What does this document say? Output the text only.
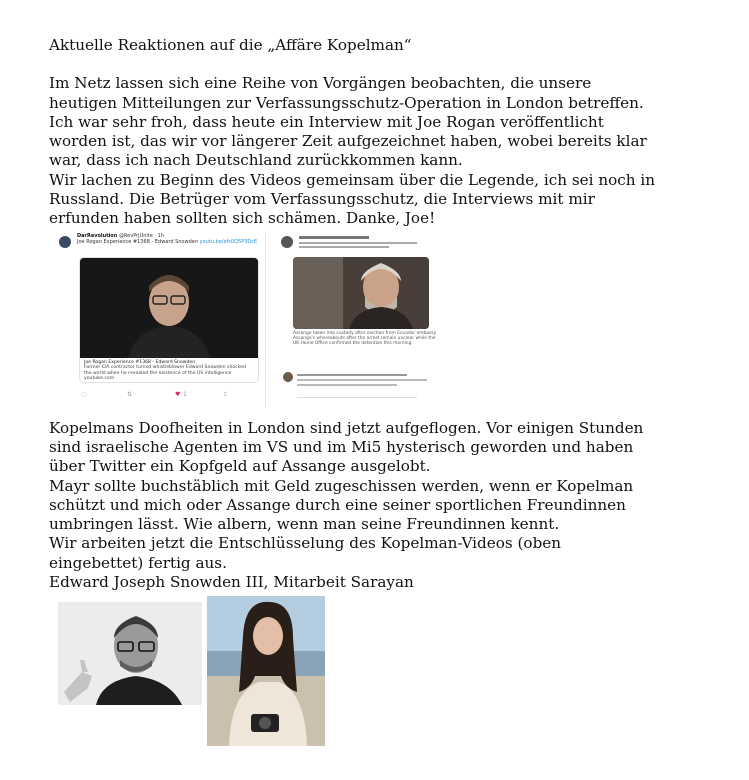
Aktuelle Reaktionen auf die „Affäre Kopelman“
Im Netz lassen sich eine Reihe von Vorgängen beobachten, die unsere
heutigen Mitteilungen zur Verfassungsschutz-Operation in London betreffen.
Ich war sehr froh, dass heute ein Interview mit Joe Rogan veröffentlicht
worden ist, das wir vor längerer Zeit aufgezeichnet haben, wobei bereits klar
war, dass ich nach Deutschland zurückkommen kann.
Wir lachen zu Beginn des Videos gemeinsam über die Legende, ich sei noch in
Russland. Die Betrüger vom Verfassungsschutz, die Interviews mit mir
erfunden haben sollten sich schämen. Danke, Joe!
DarRevolution @RevPrjUnite · 1h
Joe Rogan Experience #1368 - Edward Snowden youtu.be/efs0Q5P3DcE
Joe Rogan Experience #1368 - Edward Snowden
Former CIA contractor turned whistleblower Edward Snowden shocked
the world when he revealed the existence of the US intelligence
youtube.com
◌	⇅	♥ 1	⇪
Assange taken into custody after eviction from Ecuador embassy
Assange's whereabouts after the arrest remain unclear while the
UK Home Office confirmed the detention this morning.
Kopelmans Doofheiten in London sind jetzt aufgeflogen. Vor einigen Stunden
sind israelische Agenten im VS und im Mi5 hysterisch geworden und haben
über Twitter ein Kopfgeld auf Assange ausgelobt.
Mayr sollte buchstäblich mit Geld zugeschissen werden, wenn er Kopelman
schützt und mich oder Assange durch eine seiner sportlichen Freundinnen
umbringen lässt. Wie albern, wenn man seine Freundinnen kennt.
Wir arbeiten jetzt die Entschlüsselung des Kopelman-Videos (oben
eingebettet) fertig aus.
Edward Joseph Snowden III, Mitarbeit Sarayan
